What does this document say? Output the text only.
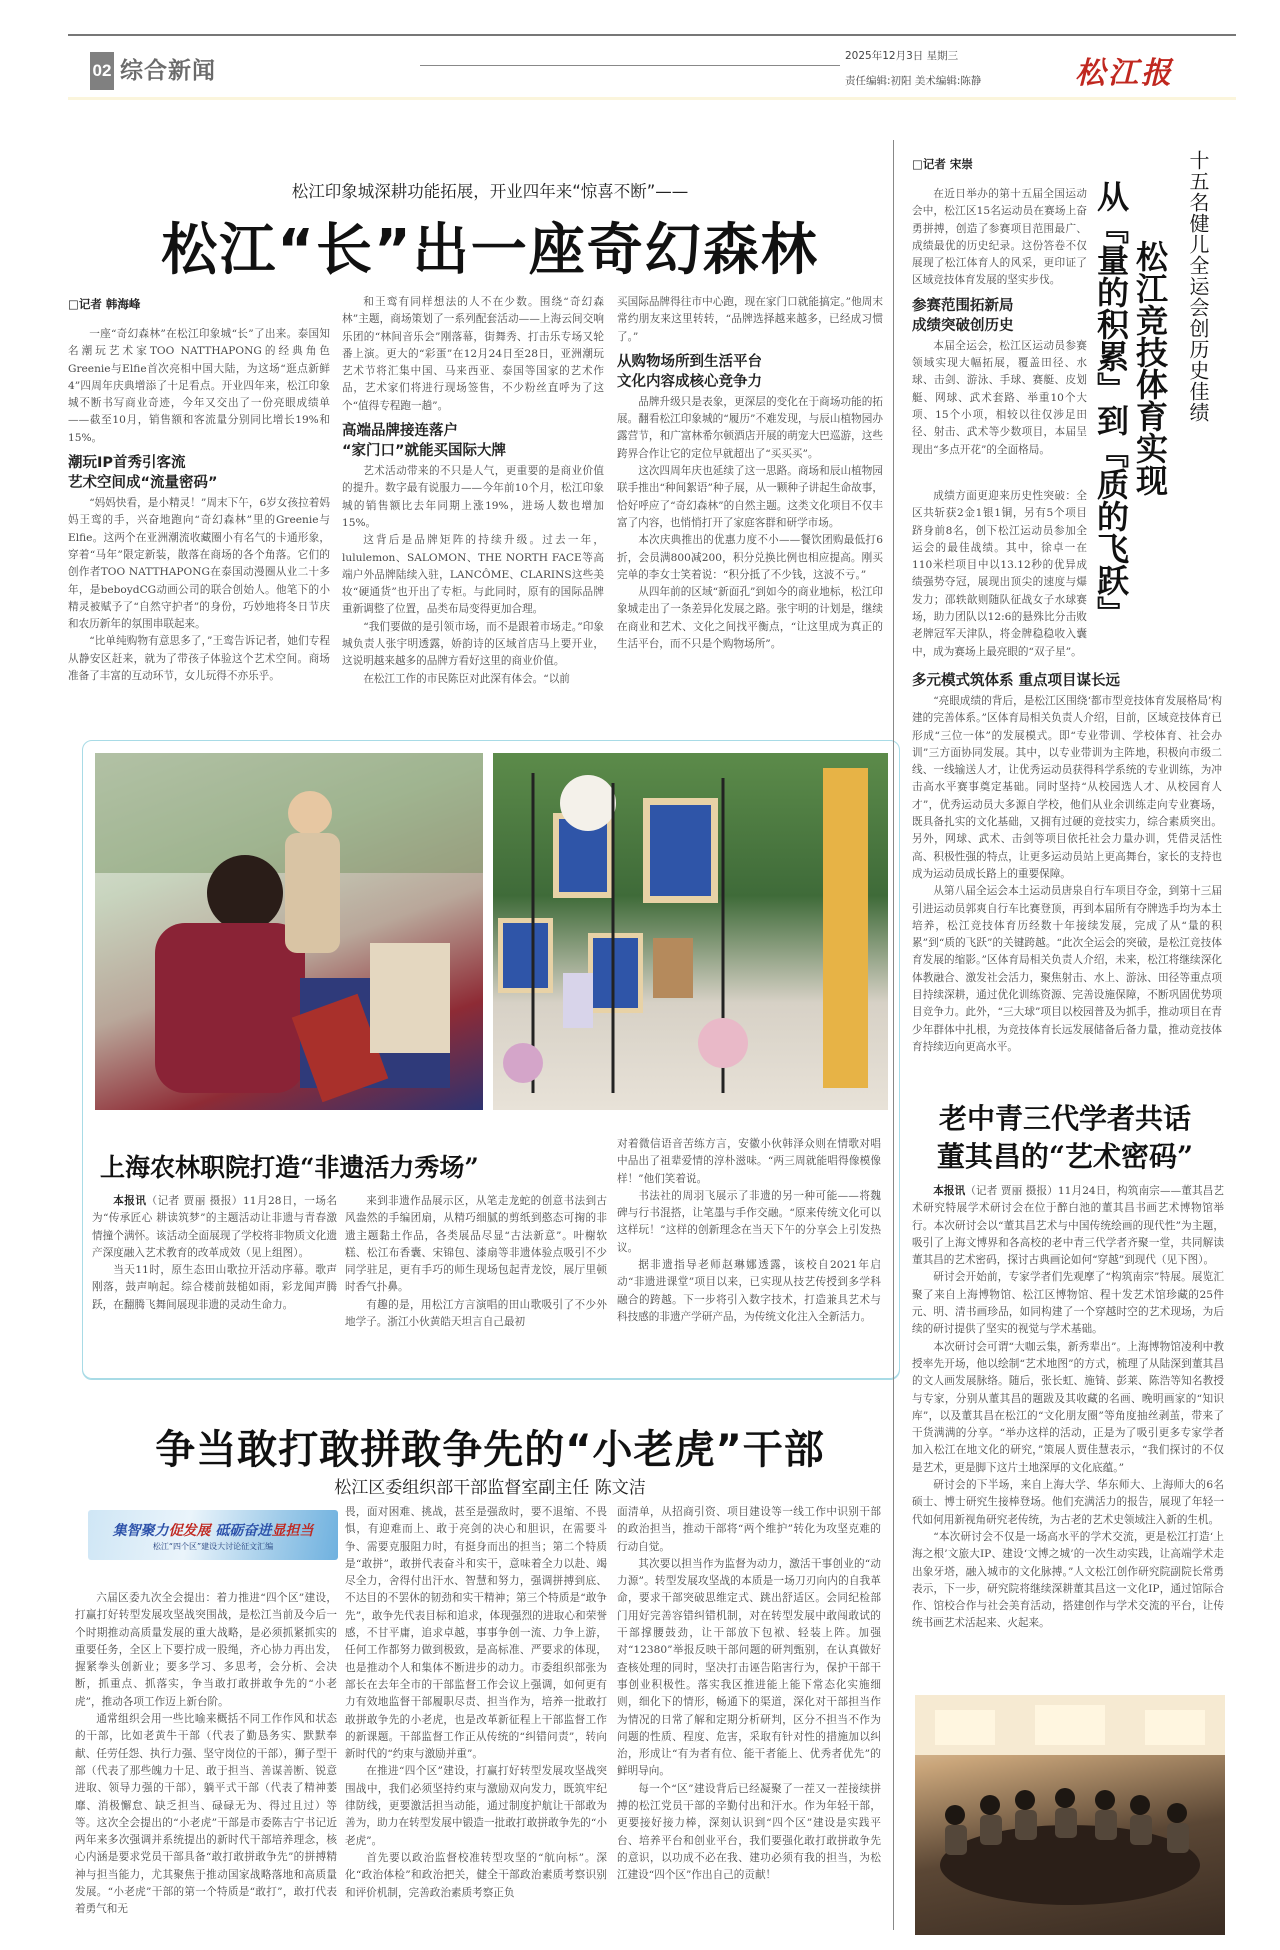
02 综合新闻
2025年12月3日 星期三
责任编辑:初阳 美术编辑:陈静	松江报
松江印象城深耕功能拓展，开业四年来“惊喜不断”——
松江“长”出一座奇幻森林
□记者 韩海峰

一座“奇幻森林”在松江印象城“长”了出来。泰国知名潮玩艺术家TOO NATTHAPONG的经典角色Greenie与Elfie首次亮相中国大陆，为这场“逛点新鲜4”四周年庆典增添了十足看点。开业四年来，松江印象城不断书写商业奇迹，今年又交出了一份亮眼成绩单——截至10月，销售额和客流量分别同比增长19%和15%。

潮玩IP首秀引客流
艺术空间成“流量密码”

“妈妈快看，是小精灵！”周末下午，6岁女孩拉着妈妈王鸾的手，兴奋地跑向“奇幻森林”里的Greenie与Elfie。这两个在亚洲潮流收藏圈小有名气的卡通形象，穿着“马年”限定新装，散落在商场的各个角落。它们的创作者TOO NATTHAPONG在泰国动漫圈从业二十多年，是beboydCG动画公司的联合创始人。他笔下的小精灵被赋予了“自然守护者”的身份，巧妙地将冬日节庆和农历新年的氛围串联起来。

“比单纯购物有意思多了，”王鸾告诉记者，她们专程从静安区赶来，就为了带孩子体验这个艺术空间。商场准备了丰富的互动环节，女儿玩得不亦乐乎。

和王鸾有同样想法的人不在少数。围绕“奇幻森林”主题，商场策划了一系列配套活动——上海云间交响乐团的“林间音乐会”刚落幕，街舞秀、打击乐专场又轮番上演。更大的“彩蛋”在12月24日至28日，亚洲潮玩艺术节将汇集中国、马来西亚、泰国等国家的艺术作品，艺术家们将进行现场签售，不少粉丝直呼为了这个“值得专程跑一趟”。

高端品牌接连落户
“家门口”就能买国际大牌

艺术活动带来的不只是人气，更重要的是商业价值的提升。数字最有说服力——今年前10个月，松江印象城的销售额比去年同期上涨19%，进场人数也增加15%。

这背后是品牌矩阵的持续升级。过去一年，lululemon、SALOMON、THE NORTH FACE等高端户外品牌陆续入驻，LANCÔME、CLARINS这些美妆“硬通货”也开出了专柜。与此同时，原有的国际品牌重新调整了位置，品类布局变得更加合理。

“我们要做的是引领市场，而不是跟着市场走。”印象城负责人张宇明透露，娇韵诗的区域首店马上要开业，这说明越来越多的品牌方看好这里的商业价值。

在松江工作的市民陈臣对此深有体会。“以前

买国际品牌得往市中心跑，现在家门口就能搞定。”他周末常约朋友来这里转转，“品牌选择越来越多，已经成习惯了。”

从购物场所到生活平台
文化内容成核心竞争力

品牌升级只是表象，更深层的变化在于商场功能的拓展。翻看松江印象城的“履历”不难发现，与辰山植物园办露营节，和广富林希尔顿酒店开展的萌宠大巴巡游，这些跨界合作让它的定位早就超出了“买买买”。

这次四周年庆也延续了这一思路。商场和辰山植物园联手推出“种间絮语”种子展，从一颗种子讲起生命故事，恰好呼应了“奇幻森林”的自然主题。这类文化项目不仅丰富了内容，也悄悄打开了家庭客群和研学市场。

本次庆典推出的优惠力度不小——餐饮团购最低打6折，会员满800减200，积分兑换比例也相应提高。刚买完单的李女士笑着说：“积分抵了不少钱，这波不亏。”

从四年前的区域“新面孔”到如今的商业地标，松江印象城走出了一条差异化发展之路。张宇明的计划是，继续在商业和艺术、文化之间找平衡点，“让这里成为真正的生活平台，而不只是个购物场所”。

上海农林职院打造“非遗活力秀场”

本报讯（记者 贾丽 摄报）11月28日，一场名为“传承匠心 耕读筑梦”的主题活动让非遗与青春激情撞个满怀。该活动全面展现了学校将非物质文化遗产深度融入艺术教育的改革成效（见上组图）。

当天11时，原生态田山歌拉开活动序幕。歌声刚落，鼓声响起。综合楼前鼓槌如雨，彩龙闻声腾跃，在翻腾飞舞间展现非遗的灵动生命力。

来到非遗作品展示区，从笔走龙蛇的创意书法到古风盎然的手编团扇，从精巧细腻的剪纸到憨态可掬的非遗主题黏土作品，各类展品尽显“古法新意”。叶榭软糕、松江布香囊、宋锦包、漆扇等非遗体验点吸引不少同学驻足，更有手巧的师生现场包起青龙饺，展厅里顿时香气扑鼻。

有趣的是，用松江方言演唱的田山歌吸引了不少外地学子。浙江小伙黄皓天坦言自己最初

对着微信语音苦练方言，安徽小伙韩泽众则在情歌对唱中品出了祖辈爱情的淳朴滋味。“两三周就能唱得像模像样！”他们笑着说。

书法社的周羽飞展示了非遗的另一种可能——将魏碑与行书混搭，让笔墨与手作交融。“原来传统文化可以这样玩！”这样的创新理念在当天下午的分享会上引发热议。

据非遗指导老师赵琳娜透露，该校自2021年启动“非遗进课堂”项目以来，已实现从技艺传授到多学科融合的跨越。下一步将引入数字技术，打造兼具艺术与科技感的非遗产学研产品，为传统文化注入全新活力。

争当敢打敢拼敢争先的“小老虎”干部
松江区委组织部干部监督室副主任 陈文洁
集智聚力促发展 砥砺奋进显担当
松江“四个区”建设大讨论征文汇编

六届区委九次全会提出：着力推进“四个区”建设，打赢打好转型发展攻坚战突围战，是松江当前及今后一个时期推动高质量发展的重大战略，是必须抓紧抓实的重要任务，全区上下要拧成一股绳，齐心协力再出发，握紧拳头创新业；要多学习、多思考，会分析、会决断，抓重点、抓落实，争当敢打敢拼敢争先的“小老虎”，推动各项工作迈上新台阶。

通常组织会用一些比喻来概括不同工作作风和状态的干部，比如老黄牛干部（代表了勤恳务实、默默奉献、任劳任怨、执行力强、坚守岗位的干部），狮子型干部（代表了那些魄力十足、敢于担当、善谋善断、锐意进取、领导力强的干部），躺平式干部（代表了精神萎靡、消极懈怠、缺乏担当、碌碌无为、得过且过）等等。这次全会提出的“小老虎”干部是市委陈吉宁书记近两年来多次强调并系统提出的新时代干部培养理念，核心内涵是要求党员干部具备“敢打敢拼敢争先”的拼搏精神与担当能力，尤其聚焦于推动国家战略落地和高质量发展。“小老虎”干部的第一个特质是“敢打”，敢打代表着勇气和无

畏，面对困难、挑战，甚至是强敌时，要不退缩、不畏惧，有迎难而上、敢于亮剑的决心和胆识，在需要斗争、需要克服阻力时，有挺身而出的担当；第二个特质是“敢拼”，敢拼代表奋斗和实干，意味着全力以赴、竭尽全力，舍得付出汗水、智慧和努力，强调拼搏到底、不达目的不罢休的韧劲和实干精神；第三个特质是“敢争先”，敢争先代表目标和追求，体现强烈的进取心和荣誉感，不甘平庸，追求卓越，事事争创一流、力争上游，任何工作都努力做到极致，是高标准、严要求的体现，也是推动个人和集体不断进步的动力。市委组织部张为部长在去年全市的干部监督工作会议上强调，如何更有力有效地监督干部履职尽责、担当作为，培养一批敢打敢拼敢争先的小老虎，也是改革新征程上干部监督工作的新课题。干部监督工作正从传统的“纠错问责”，转向新时代的“约束与激励并重”。

在推进“四个区”建设，打赢打好转型发展攻坚战突围战中，我们必须坚持约束与激励双向发力，既筑牢纪律防线，更要激活担当动能，通过制度护航让干部敢为善为，助力在转型发展中锻造一批敢打敢拼敢争先的“小老虎”。

首先要以政治监督校准转型攻坚的“航向标”。深化“政治体检”和政治把关，健全干部政治素质考察识别和评价机制，完善政治素质考察正负

面清单，从招商引资、项目建设等一线工作中识别干部的政治担当，推动干部将“两个维护”转化为攻坚克难的行动自觉。

其次要以担当作为监督为动力，激活干事创业的“动力源”。转型发展攻坚战的本质是一场刀刃向内的自我革命，要求干部突破思维定式、跳出舒适区。会同纪检部门用好完善容错纠错机制，对在转型发展中敢闯敢试的干部撑腰鼓劲，让干部放下包袱、轻装上阵。加强对“12380”举报反映干部问题的研判甄别，在认真做好查核处理的同时，坚决打击诬告陷害行为，保护干部干事创业积极性。落实我区推进能上能下常态化实施细则，细化下的情形，畅通下的渠道，深化对干部担当作为情况的日常了解和定期分析研判，区分不担当不作为问题的性质、程度、危害，采取有针对性的措施加以纠治，形成让“有为者有位、能干者能上、优秀者优先”的鲜明导向。

每一个“区”建设背后已经凝聚了一茬又一茬接续拼搏的松江党员干部的辛勤付出和汗水。作为年轻干部，更要接好接力棒，深刻认识到“四个区”建设是实践平台、培养平台和创业平台，我们要强化敢打敢拼敢争先的意识，以功成不必在我、建功必须有我的担当，为松江建设“四个区”作出自己的贡献！

□记者 宋崇	十五名健儿全运会创历史佳绩
松江竞技体育实现
从『量的积累』到『质的飞跃』

在近日举办的第十五届全国运动会中，松江区15名运动员在赛场上奋勇拼搏，创造了参赛项目范围最广、成绩最优的历史纪录。这份答卷不仅展现了松江体育人的风采，更印证了区域竞技体育发展的坚实步伐。

参赛范围拓新局
成绩突破创历史

本届全运会，松江区运动员参赛领域实现大幅拓展，覆盖田径、水球、击剑、游泳、手球、赛艇、皮划艇、网球、武术套路、举重10个大项、15个小项，相较以往仅涉足田径、射击、武术等少数项目，本届呈现出“多点开花”的全面格局。

成绩方面更迎来历史性突破：全区共斩获2金1银1铜，另有5个项目跻身前8名，创下松江运动员参加全运会的最佳战绩。其中，徐卓一在110米栏项目中以13.12秒的优异成绩强势夺冠，展现出顶尖的速度与爆发力；邵轶歆则随队征战女子水球赛场，助力团队以12:6的悬殊比分击败老牌冠军天津队，将金牌稳稳收入囊中，成为赛场上最亮眼的“双子星”。

多元模式筑体系 重点项目谋长远

“亮眼成绩的背后，是松江区围绕‘都市型竞技体育发展格局’构建的完善体系。”区体育局相关负责人介绍，目前，区域竞技体育已形成“三位一体”的发展模式。即“专业带训、学校体育、社会办训”三方面协同发展。其中，以专业带训为主阵地，积极向市级二线、一线输送人才，让优秀运动员获得科学系统的专业训练，为冲击高水平赛事奠定基础。同时坚持“从校园选人才、从校园育人才”，优秀运动员大多源自学校，他们从业余训练走向专业赛场，既具备扎实的文化基础，又拥有过硬的竞技实力，综合素质突出。另外，网球、武术、击剑等项目依托社会力量办训，凭借灵活性高、积极性强的特点，让更多运动员站上更高舞台，家长的支持也成为运动员成长路上的重要保障。

从第八届全运会本土运动员唐泉自行车项目夺金，到第十三届引进运动员郭爽自行车比赛登顶，再到本届所有夺牌选手均为本土培养，松江竞技体育历经数十年接续发展，完成了从“量的积累”到“质的飞跃”的关键跨越。“此次全运会的突破，是松江竞技体育发展的缩影。”区体育局相关负责人介绍，未来，松江将继续深化体教融合、激发社会活力，聚焦射击、水上、游泳、田径等重点项目持续深耕，通过优化训练资源、完善设施保障，不断巩固优势项目竞争力。此外，“三大球”项目以校园普及为抓手，推动项目在青少年群体中扎根，为竞技体育长远发展储备后备力量，推动竞技体育持续迈向更高水平。

老中青三代学者共话
董其昌的“艺术密码”

本报讯（记者 贾丽 摄报）11月24日，构筑南宗——董其昌艺术研究特展学术研讨会在位于醉白池的董其昌书画艺术博物馆举行。本次研讨会以“董其昌艺术与中国传统绘画的现代性”为主题，吸引了上海文博界和各高校的老中青三代学者齐聚一堂，共同解读董其昌的艺术密码，探讨古典画论如何“穿越”到现代（见下图）。

研讨会开始前，专家学者们先观摩了“构筑南宗”特展。展览汇聚了来自上海博物馆、松江区博物馆、程十发艺术馆珍藏的25件元、明、清书画珍品，如同构建了一个穿越时空的艺术现场，为后续的研讨提供了坚实的视觉与学术基础。

本次研讨会可谓“大咖云集，新秀辈出”。上海博物馆凌利中教授率先开场，他以绘制“艺术地图”的方式，梳理了从陆深到董其昌的文人画发展脉络。随后，张长虹、施锜、彭莱、陈浩等知名教授与专家，分别从董其昌的题跋及其收藏的名画、晚明画家的“知识库”，以及董其昌在松江的“文化朋友圈”等角度抽丝剥茧，带来了干货满满的分享。“举办这样的活动，正是为了吸引更多专家学者加入松江在地文化的研究，”策展人贾佳慧表示，“我们探讨的不仅是艺术，更是脚下这片土地深厚的文化底蕴。”

研讨会的下半场，来自上海大学、华东师大、上海师大的6名硕士、博士研究生接棒登场。他们充满活力的报告，展现了年轻一代如何用新视角研究老传统，为古老的艺术史领域注入新的生机。

“本次研讨会不仅是一场高水平的学术交流，更是松江打造‘上海之根’文旅大IP、建设‘文博之城’的一次生动实践，让高端学术走出象牙塔，融入城市的文化脉搏。”人文松江创作研究院副院长常勇表示，下一步，研究院将继续深耕董其昌这一文化IP，通过馆际合作、馆校合作与社会美育活动，搭建创作与学术交流的平台，让传统书画艺术活起来、火起来。
